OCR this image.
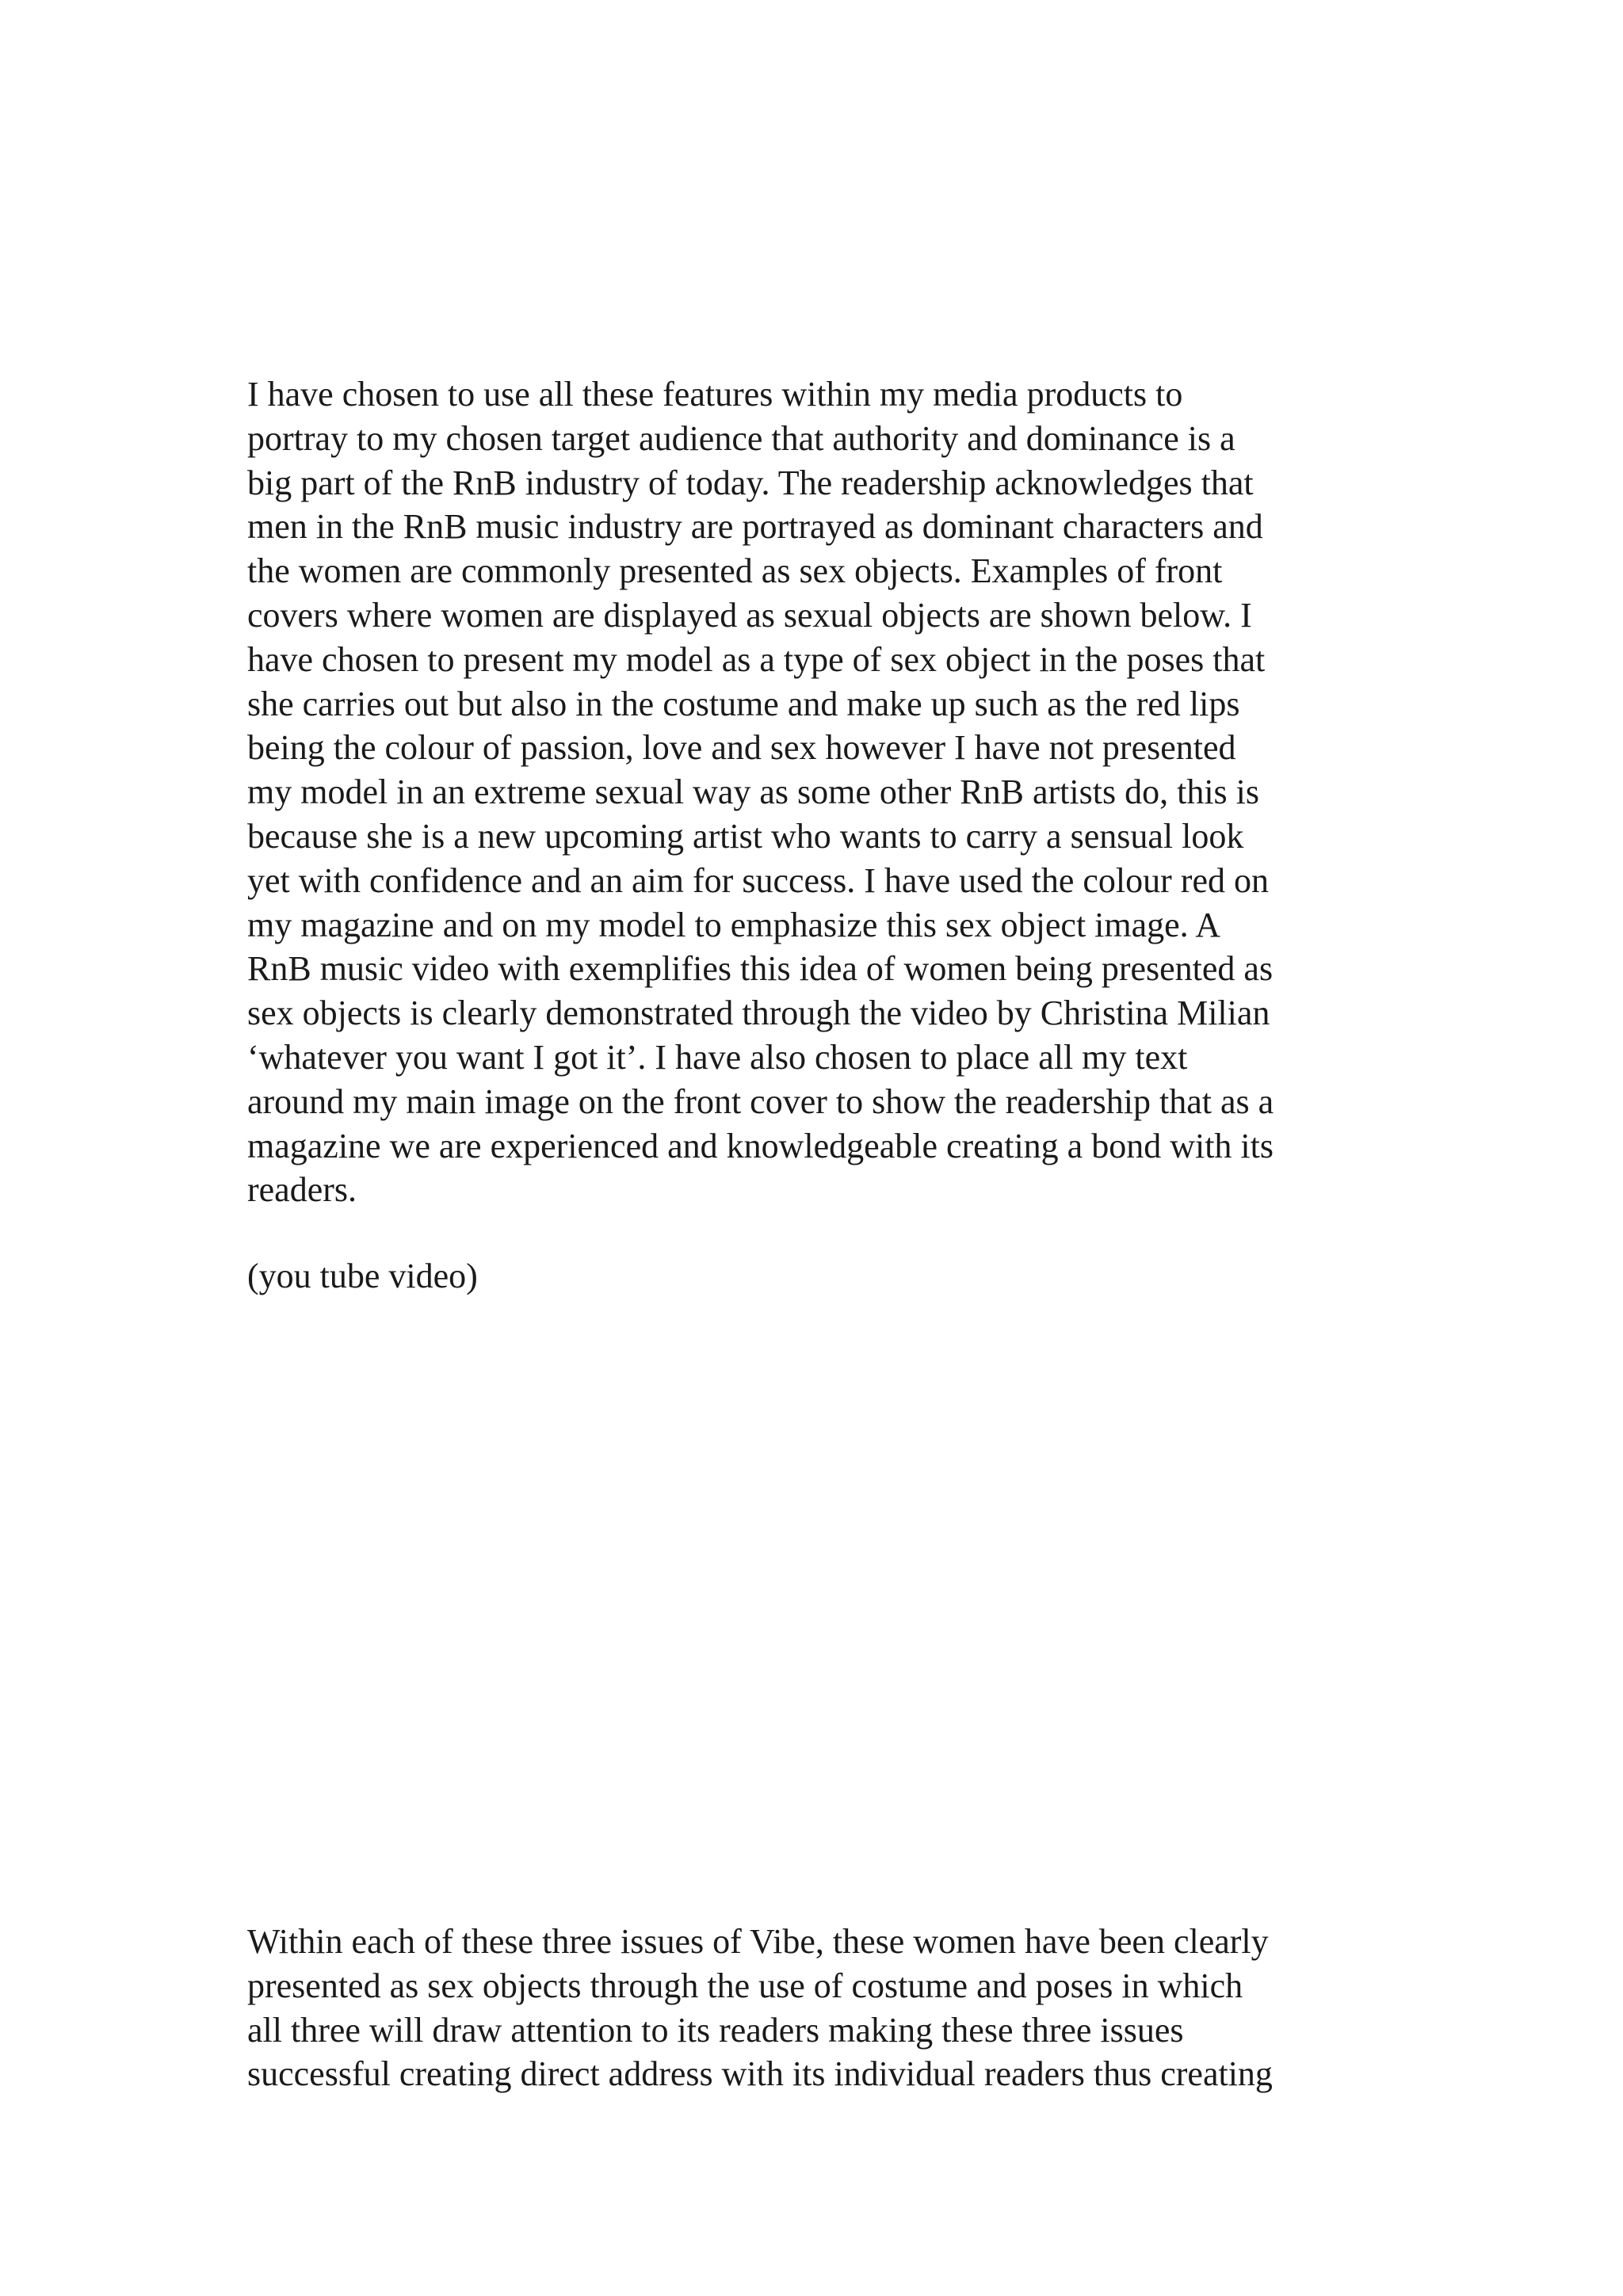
I have chosen to use all these features within my media products to
portray to my chosen target audience that authority and dominance is a
big part of the RnB industry of today. The readership acknowledges that
men in the RnB music industry are portrayed as dominant characters and
the women are commonly presented as sex objects. Examples of front
covers where women are displayed as sexual objects are shown below. I
have chosen to present my model as a type of sex object in the poses that
she carries out but also in the costume and make up such as the red lips
being the colour of passion, love and sex however I have not presented
my model in an extreme sexual way as some other RnB artists do, this is
because she is a new upcoming artist who wants to carry a sensual look
yet with confidence and an aim for success. I have used the colour red on
my magazine and on my model to emphasize this sex object image. A
RnB music video with exemplifies this idea of women being presented as
sex objects is clearly demonstrated through the video by Christina Milian
‘whatever you want I got it’. I have also chosen to place all my text
around my main image on the front cover to show the readership that as a
magazine we are experienced and knowledgeable creating a bond with its
readers.
(you tube video)
Within each of these three issues of Vibe, these women have been clearly
presented as sex objects through the use of costume and poses in which
all three will draw attention to its readers making these three issues
successful creating direct address with its individual readers thus creating
